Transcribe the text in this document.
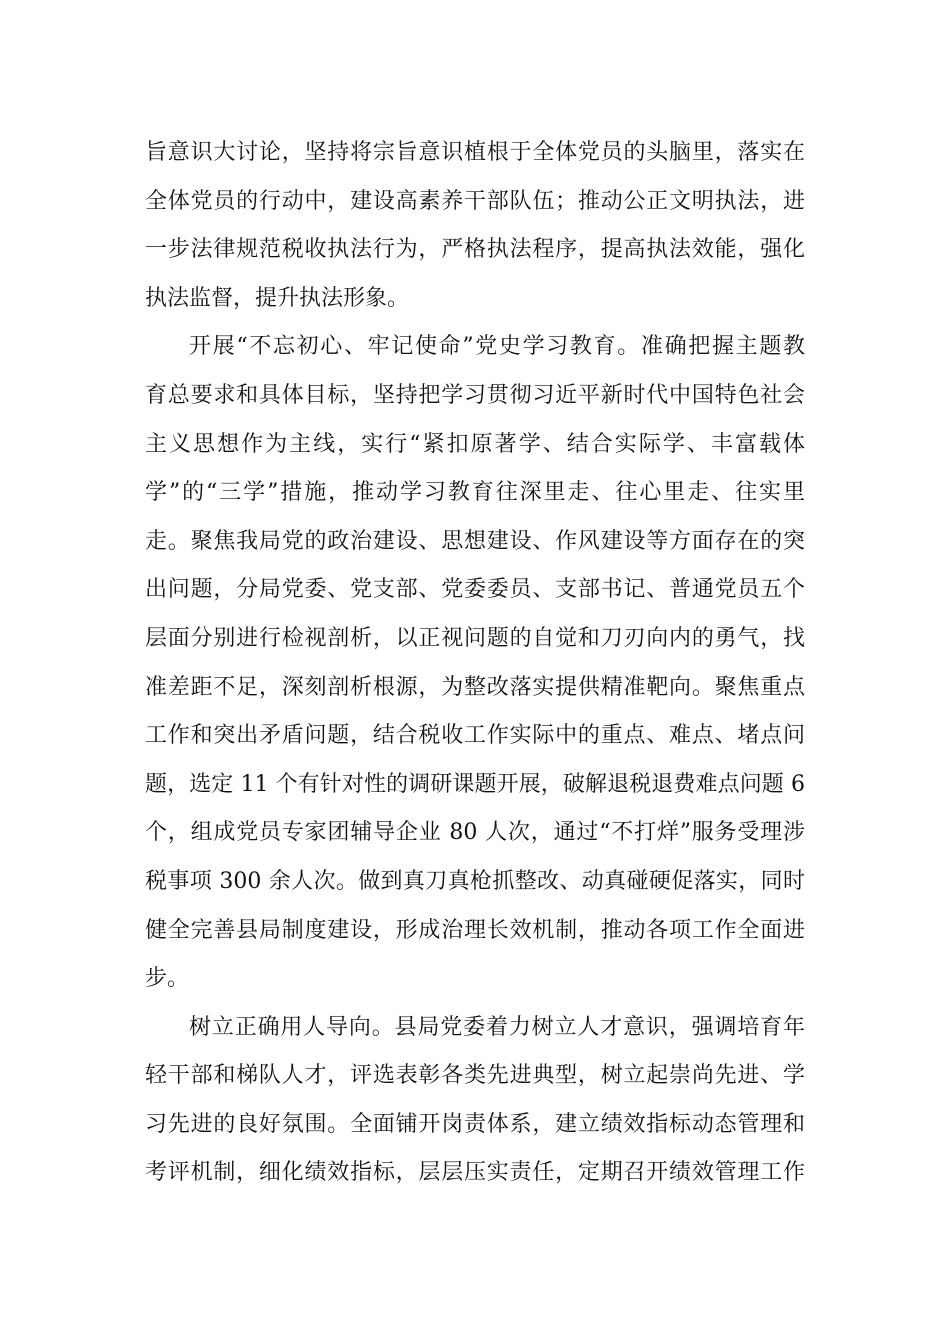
旨意识大讨论，坚持将宗旨意识植根于全体党员的头脑里，落实在
全体党员的行动中，建设高素养干部队伍；推动公正文明执法，进
一步法律规范税收执法行为，严格执法程序，提高执法效能，强化
执法监督，提升执法形象。
开展“不忘初心、牢记使命”党史学习教育。准确把握主题教
育总要求和具体目标，坚持把学习贯彻习近平新时代中国特色社会
主义思想作为主线，实行“紧扣原著学、结合实际学、丰富载体
学”的“三学”措施，推动学习教育往深里走、往心里走、往实里
走。聚焦我局党的政治建设、思想建设、作风建设等方面存在的突
出问题，分局党委、党支部、党委委员、支部书记、普通党员五个
层面分别进行检视剖析，以正视问题的自觉和刀刃向内的勇气，找
准差距不足，深刻剖析根源，为整改落实提供精准靶向。聚焦重点
工作和突出矛盾问题，结合税收工作实际中的重点、难点、堵点问
题，选定 11 个有针对性的调研课题开展，破解退税退费难点问题 6
个，组成党员专家团辅导企业 80 人次，通过“不打烊”服务受理涉
税事项 300 余人次。做到真刀真枪抓整改、动真碰硬促落实，同时
健全完善县局制度建设，形成治理长效机制，推动各项工作全面进
步。
树立正确用人导向。县局党委着力树立人才意识，强调培育年
轻干部和梯队人才，评选表彰各类先进典型，树立起崇尚先进、学
习先进的良好氛围。全面铺开岗责体系，建立绩效指标动态管理和
考评机制，细化绩效指标，层层压实责任，定期召开绩效管理工作
